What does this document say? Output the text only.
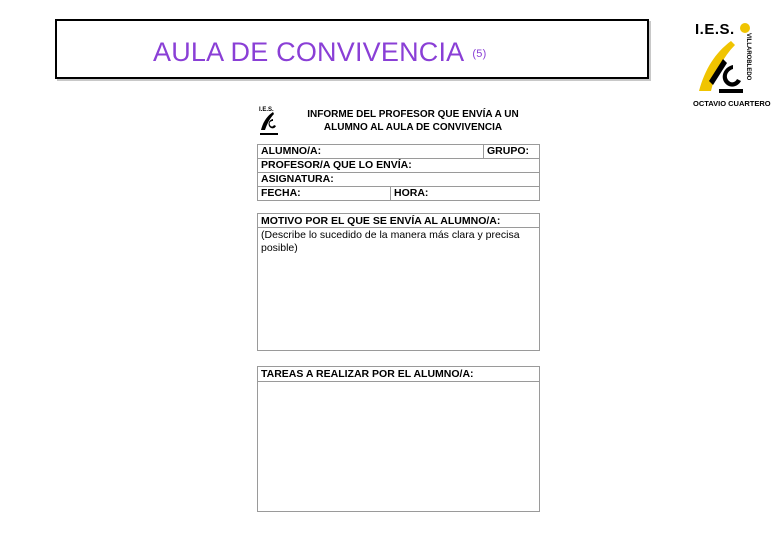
AULA DE CONVIVENCIA (5)
I.E.S.
VILLAROBLEDO
OCTAVIO CUARTERO
I.E.S.	INFORME DEL PROFESOR QUE ENVÍA A UN
ALUMNO AL AULA DE CONVIVENCIA
ALUMNO/A:	GRUPO:
PROFESOR/A QUE LO ENVÍA:
ASIGNATURA:
FECHA:	HORA:
MOTIVO POR EL QUE SE ENVÍA AL ALUMNO/A:
(Describe lo sucedido de la manera más clara y precisa posible)
TAREAS A REALIZAR POR EL ALUMNO/A:
